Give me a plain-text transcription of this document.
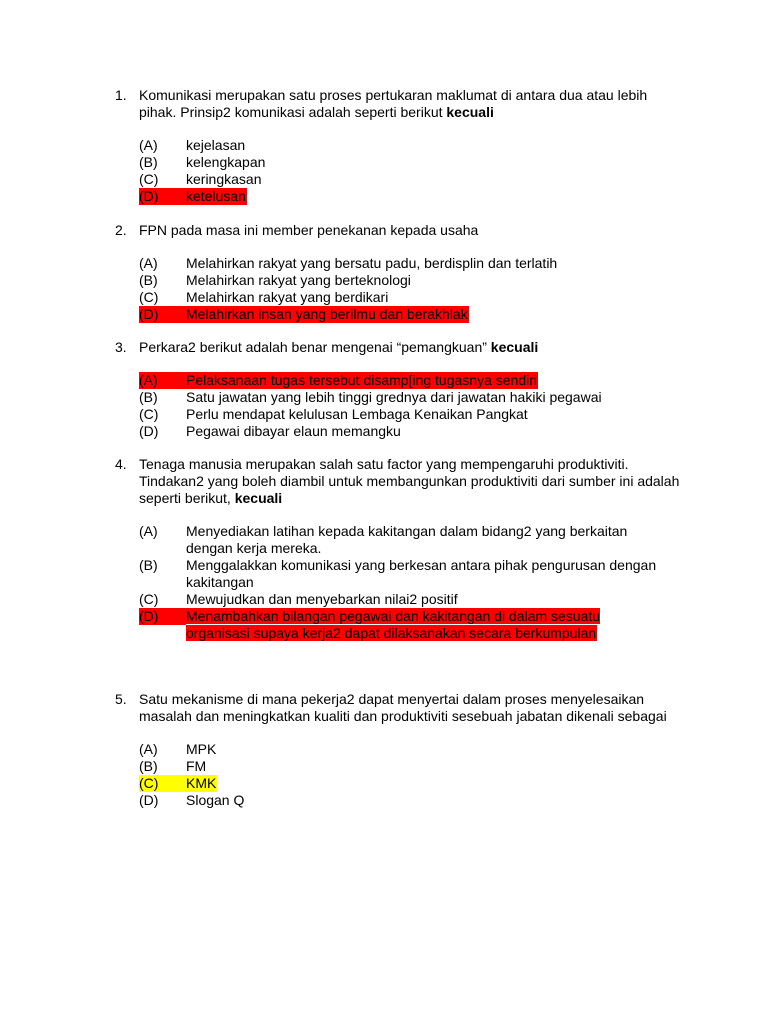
1. Komunikasi merupakan satu proses pertukaran maklumat di antara dua atau lebih pihak. Prinsip2 komunikasi adalah seperti berikut kecuali
(A)	kejelasan
(B)	kelengkapan
(C)	keringkasan
(D) ketelusan
2. FPN pada masa ini member penekanan kepada usaha
(A)	Melahirkan rakyat yang bersatu padu, berdisplin dan terlatih
(B)	Melahirkan rakyat yang berteknologi
(C)	Melahirkan rakyat yang berdikari
(D) Melahirkan insan yang berilmu dan berakhlak
3. Perkara2 berikut adalah benar mengenai “pemangkuan” kecuali
(A) Pelaksanaan tugas tersebut disamp[ing tugasnya sendiri
(B)	Satu jawatan yang lebih tinggi grednya dari jawatan hakiki pegawai
(C)	Perlu mendapat kelulusan Lembaga Kenaikan Pangkat
(D)	Pegawai dibayar elaun memangku
4. Tenaga manusia merupakan salah satu factor yang mempengaruhi produktiviti. Tindakan2 yang boleh diambil untuk membangunkan produktiviti dari sumber ini adalah seperti berikut, kecuali
(A)	Menyediakan latihan kepada kakitangan dalam bidang2 yang berkaitan dengan kerja mereka.
(B)	Menggalakkan komunikasi yang berkesan antara pihak pengurusan dengan kakitangan
(C)	Mewujudkan dan menyebarkan nilai2 positif
(D)	Menambahkan bilangan pegawai dan kakitangan di dalam sesuatu organisasi supaya kerja2 dapat dilaksanakan secara berkumpulan
5. Satu mekanisme di mana pekerja2 dapat menyertai dalam proses menyelesaikan masalah dan meningkatkan kualiti dan produktiviti sesebuah jabatan dikenali sebagai
(A)	MPK
(B)	FM
(C) KMK
(D)	Slogan Q
